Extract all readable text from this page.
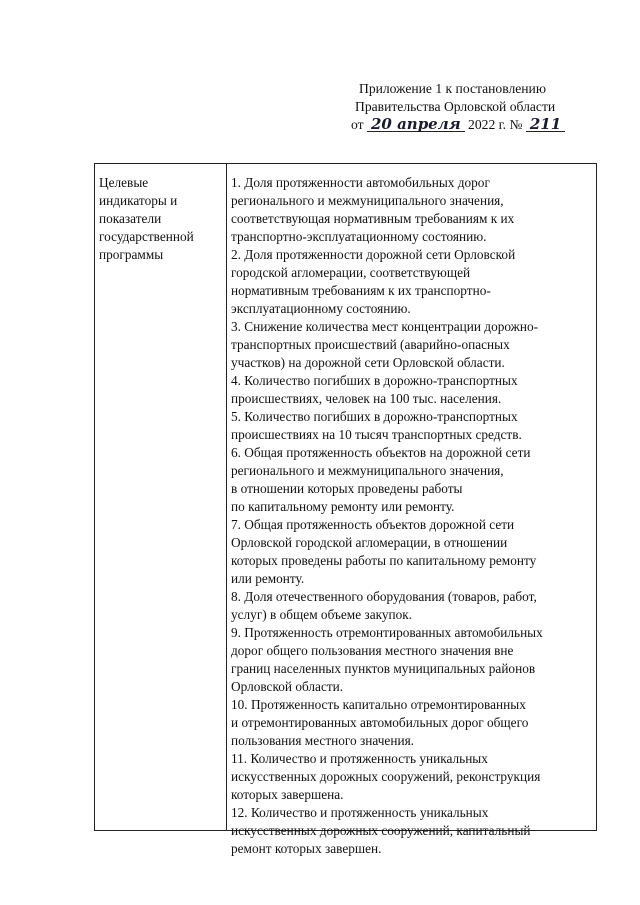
Приложение 1 к постановлению
Правительства Орловской области
от 20 апреля 2022 г. № 211
Целевые
индикаторы и
показатели
государственной
программы
1. Доля протяженности автомобильных дорог
регионального и межмуниципального значения,
соответствующая нормативным требованиям к их
транспортно-эксплуатационному состоянию.
2. Доля протяженности дорожной сети Орловской
городской агломерации, соответствующей
нормативным требованиям к их транспортно-
эксплуатационному состоянию.
3. Снижение количества мест концентрации дорожно-
транспортных происшествий (аварийно-опасных
участков) на дорожной сети Орловской области.
4. Количество погибших в дорожно-транспортных
происшествиях, человек на 100 тыс. населения.
5. Количество погибших в дорожно-транспортных
происшествиях на 10 тысяч транспортных средств.
6. Общая протяженность объектов на дорожной сети
регионального и межмуниципального значения,
в отношении которых проведены работы
по капитальному ремонту или ремонту.
7. Общая протяженность объектов дорожной сети
Орловской городской агломерации, в отношении
которых проведены работы по капитальному ремонту
или ремонту.
8. Доля отечественного оборудования (товаров, работ,
услуг) в общем объеме закупок.
9. Протяженность отремонтированных автомобильных
дорог общего пользования местного значения вне
границ населенных пунктов муниципальных районов
Орловской области.
10. Протяженность капитально отремонтированных
и отремонтированных автомобильных дорог общего
пользования местного значения.
11. Количество и протяженность уникальных
искусственных дорожных сооружений, реконструкция
которых завершена.
12. Количество и протяженность уникальных
искусственных дорожных сооружений, капитальный
ремонт которых завершен.
